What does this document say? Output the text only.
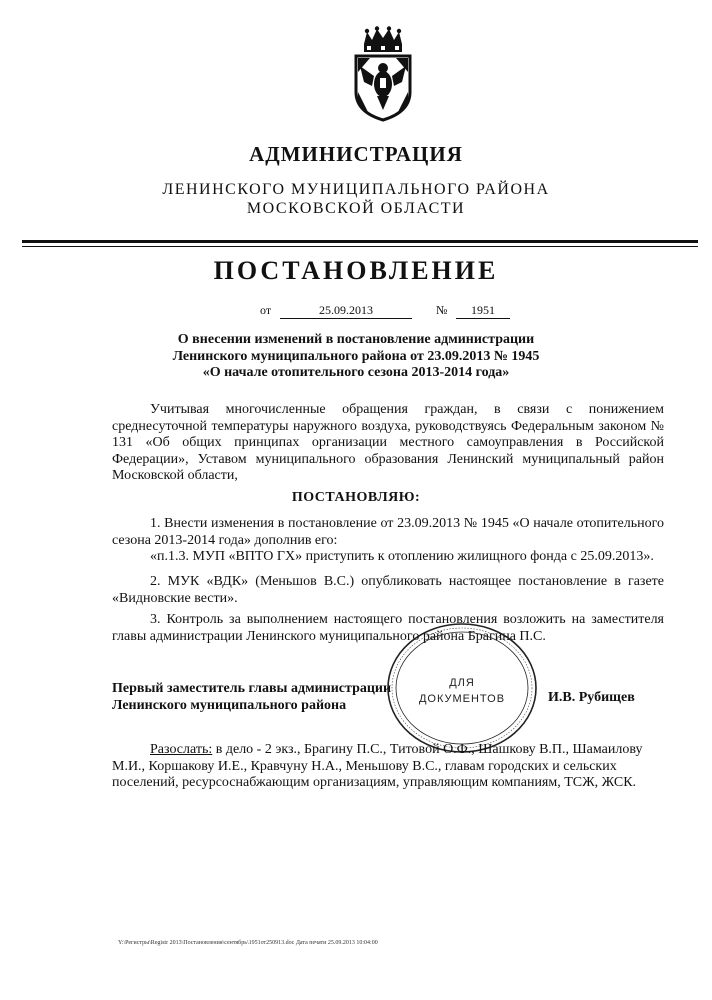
АДМИНИСТРАЦИЯ
ЛЕНИНСКОГО МУНИЦИПАЛЬНОГО РАЙОНА
МОСКОВСКОЙ ОБЛАСТИ
ПОСТАНОВЛЕНИЕ
от	25.09.2013	№	1951
О внесении изменений в постановление администрации
Ленинского муниципального района от 23.09.2013 № 1945
«О начале отопительного сезона 2013-2014 года»
Учитывая многочисленные обращения граждан, в связи с понижением среднесуточной температуры наружного воздуха, руководствуясь Федеральным законом № 131 «Об общих принципах организации местного самоуправления в Российской Федерации», Уставом муниципального образования Ленинский муниципальный район Московской области,
ПОСТАНОВЛЯЮ:
1. Внести изменения в постановление от 23.09.2013 № 1945 «О начале отопительного сезона 2013-2014 года» дополнив его:
«п.1.3. МУП «ВПТО ГХ» приступить к отоплению жилищного фонда с 25.09.2013».
2. МУК «ВДК» (Меньшов В.С.) опубликовать настоящее постановление в газете «Видновские вести».
3. Контроль за выполнением настоящего постановления возложить на заместителя главы администрации Ленинского муниципального района Брагина П.С.
Первый заместитель главы администрации
Ленинского муниципального района
И.В. Рубищев
ДЛЯ
ДОКУМЕНТОВ
Разослать: в дело - 2 экз., Брагину П.С., Титовой О.Ф., Шашкову В.П., Шамаилову М.И., Коршакову И.Е., Кравчуну Н.А., Меньшову В.С., главам городских и сельских поселений, ресурсоснабжающим организациям, управляющим компаниям, ТСЖ, ЖСК.
Y:\Регистры\Registr 2013\Постановления\сентябрь\1951от250913.doc Дата печати 25.09.2013 10:04:00
